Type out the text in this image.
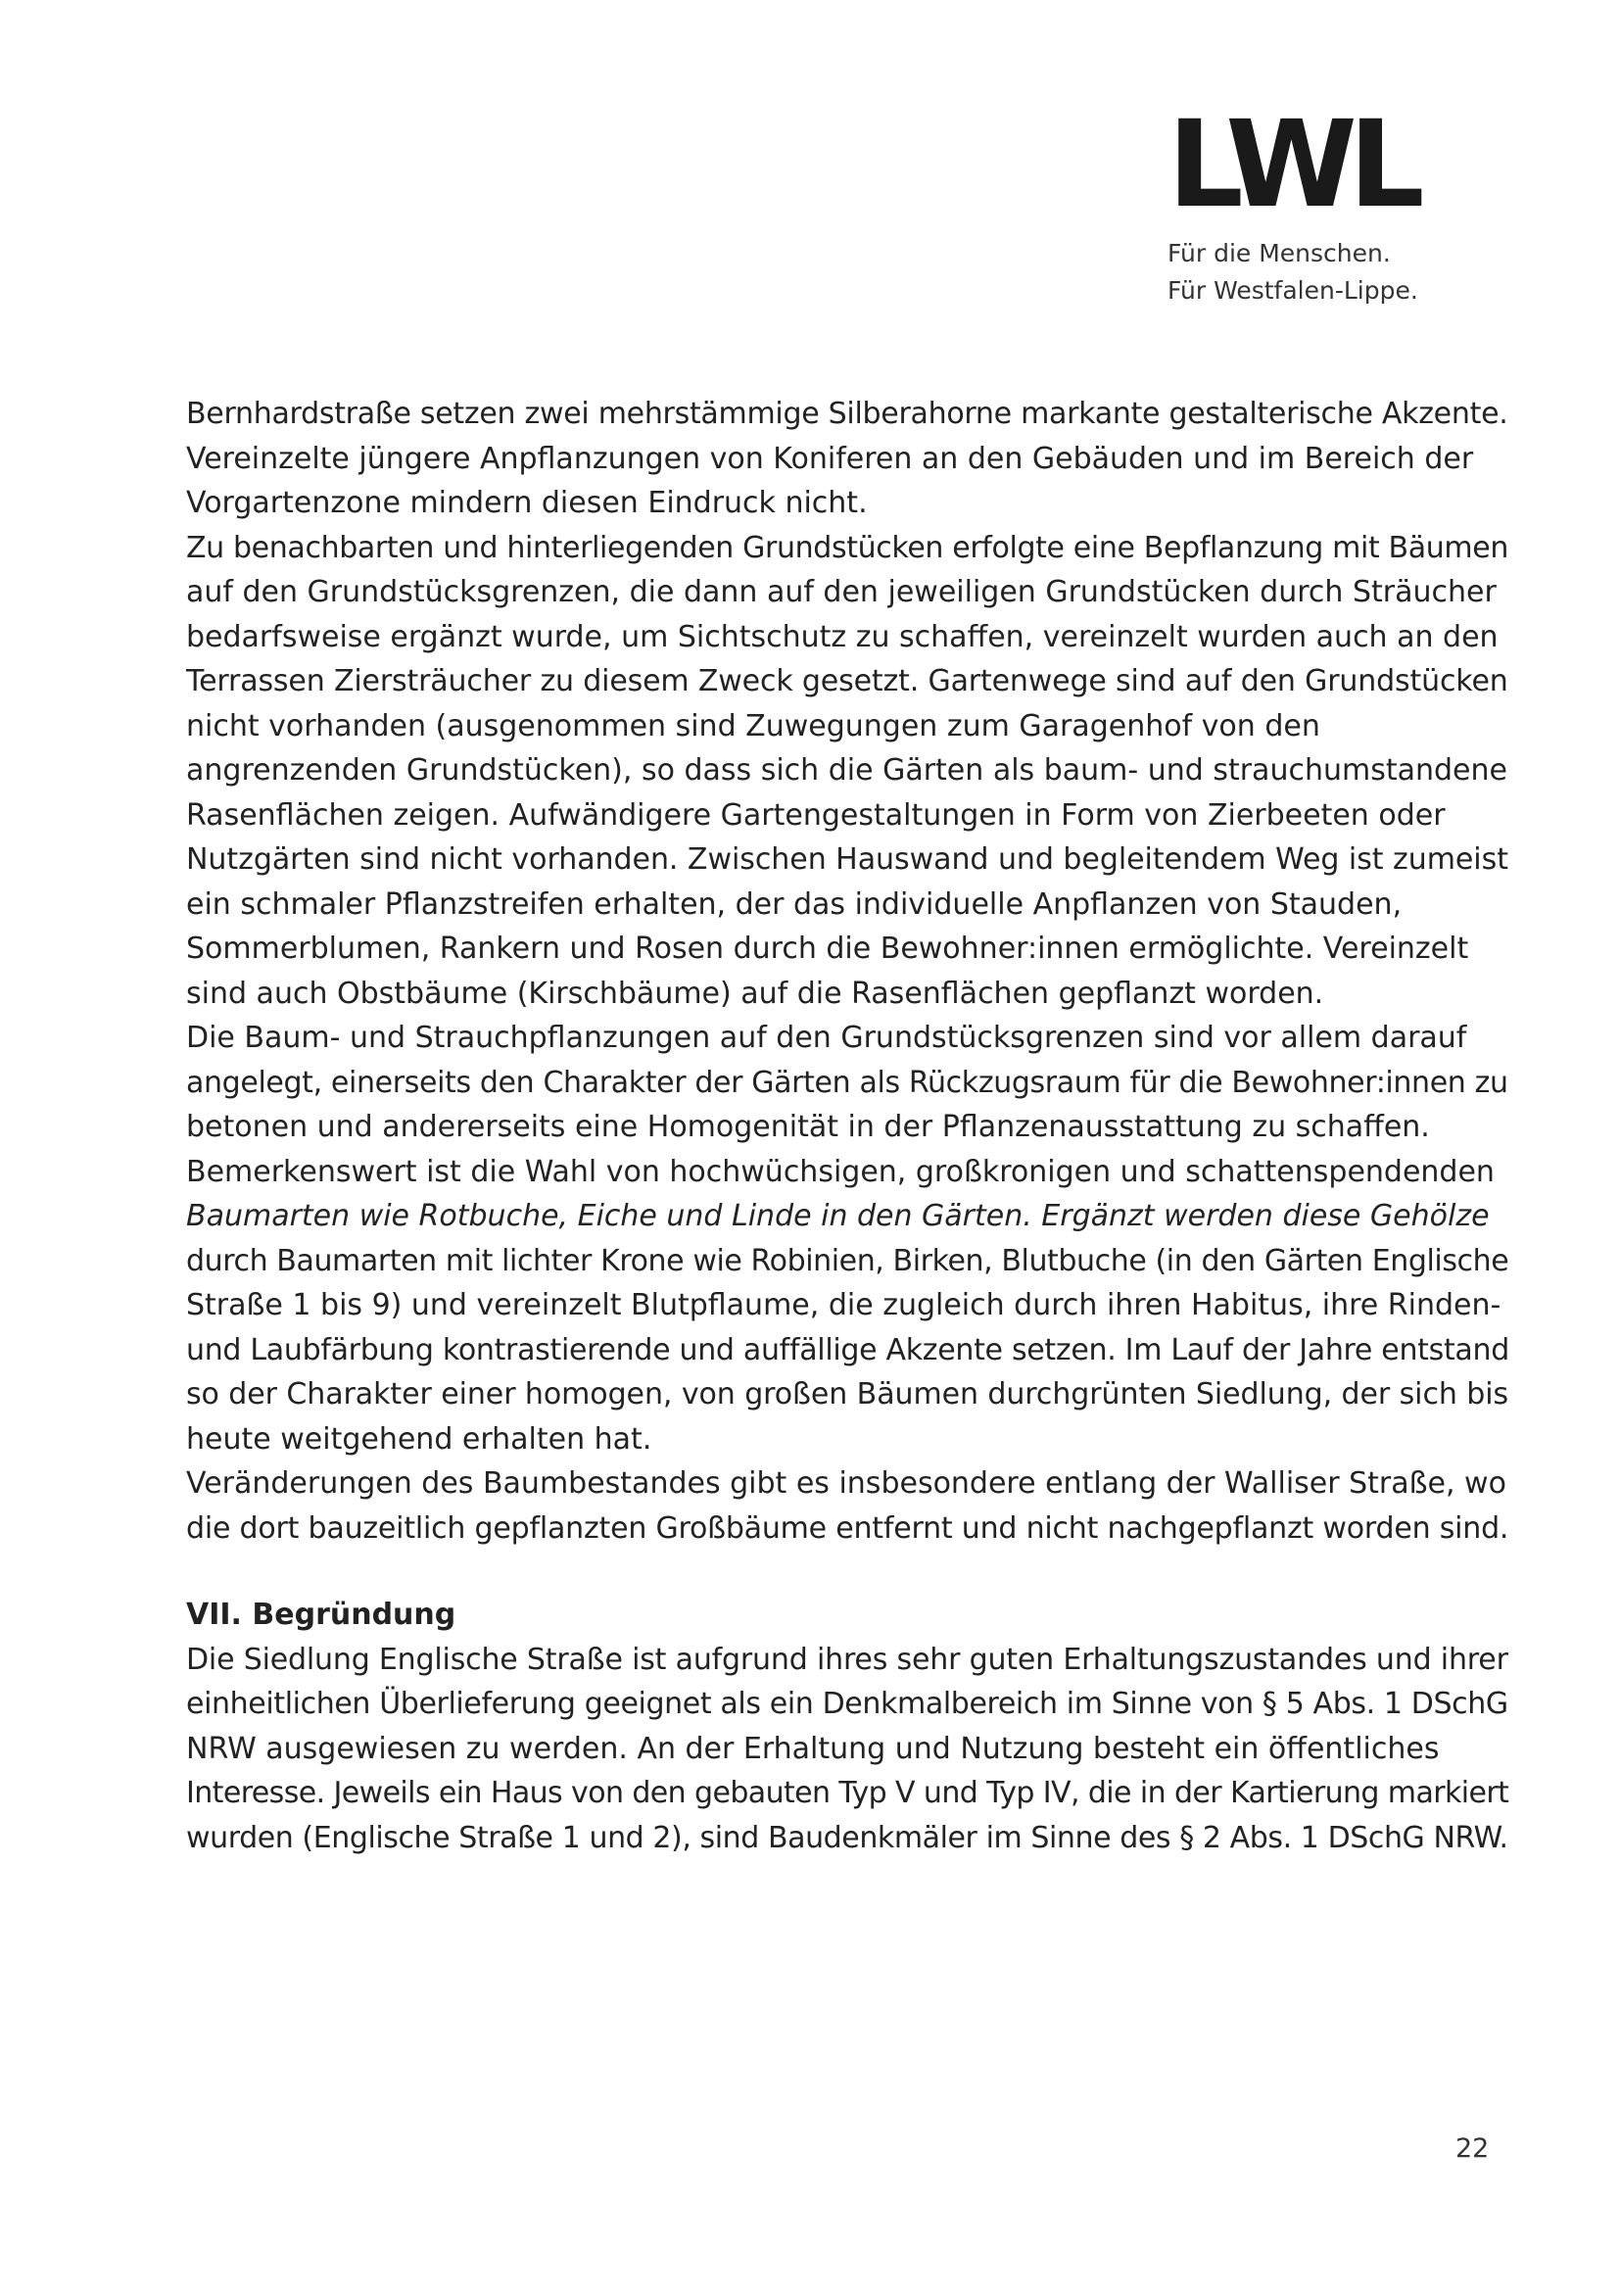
LWL
Für die Menschen.
Für Westfalen-Lippe.
Bernhardstraße setzen zwei mehrstämmige Silberahorne markante gestalterische Akzente.
Vereinzelte jüngere Anpflanzungen von Koniferen an den Gebäuden und im Bereich der
Vorgartenzone mindern diesen Eindruck nicht.
Zu benachbarten und hinterliegenden Grundstücken erfolgte eine Bepflanzung mit Bäumen
auf den Grundstücksgrenzen, die dann auf den jeweiligen Grundstücken durch Sträucher
bedarfsweise ergänzt wurde, um Sichtschutz zu schaffen, vereinzelt wurden auch an den
Terrassen Ziersträucher zu diesem Zweck gesetzt. Gartenwege sind auf den Grundstücken
nicht vorhanden (ausgenommen sind Zuwegungen zum Garagenhof von den
angrenzenden Grundstücken), so dass sich die Gärten als baum- und strauchumstandene
Rasenflächen zeigen. Aufwändigere Gartengestaltungen in Form von Zierbeeten oder
Nutzgärten sind nicht vorhanden. Zwischen Hauswand und begleitendem Weg ist zumeist
ein schmaler Pflanzstreifen erhalten, der das individuelle Anpflanzen von Stauden,
Sommerblumen, Rankern und Rosen durch die Bewohner:innen ermöglichte. Vereinzelt
sind auch Obstbäume (Kirschbäume) auf die Rasenflächen gepflanzt worden.
Die Baum- und Strauchpflanzungen auf den Grundstücksgrenzen sind vor allem darauf
angelegt, einerseits den Charakter der Gärten als Rückzugsraum für die Bewohner:innen zu
betonen und andererseits eine Homogenität in der Pflanzenausstattung zu schaffen.
Bemerkenswert ist die Wahl von hochwüchsigen, großkronigen und schattenspendenden
Baumarten wie Rotbuche, Eiche und Linde in den Gärten. Ergänzt werden diese Gehölze
durch Baumarten mit lichter Krone wie Robinien, Birken, Blutbuche (in den Gärten Englische
Straße 1 bis 9) und vereinzelt Blutpflaume, die zugleich durch ihren Habitus, ihre Rinden-
und Laubfärbung kontrastierende und auffällige Akzente setzen. Im Lauf der Jahre entstand
so der Charakter einer homogen, von großen Bäumen durchgrünten Siedlung, der sich bis
heute weitgehend erhalten hat.
Veränderungen des Baumbestandes gibt es insbesondere entlang der Walliser Straße, wo
die dort bauzeitlich gepflanzten Großbäume entfernt und nicht nachgepflanzt worden sind.
VII. Begründung
Die Siedlung Englische Straße ist aufgrund ihres sehr guten Erhaltungszustandes und ihrer
einheitlichen Überlieferung geeignet als ein Denkmalbereich im Sinne von § 5 Abs. 1 DSchG
NRW ausgewiesen zu werden. An der Erhaltung und Nutzung besteht ein öffentliches
Interesse. Jeweils ein Haus von den gebauten Typ V und Typ IV, die in der Kartierung markiert
wurden (Englische Straße 1 und 2), sind Baudenkmäler im Sinne des § 2 Abs. 1 DSchG NRW.
22
